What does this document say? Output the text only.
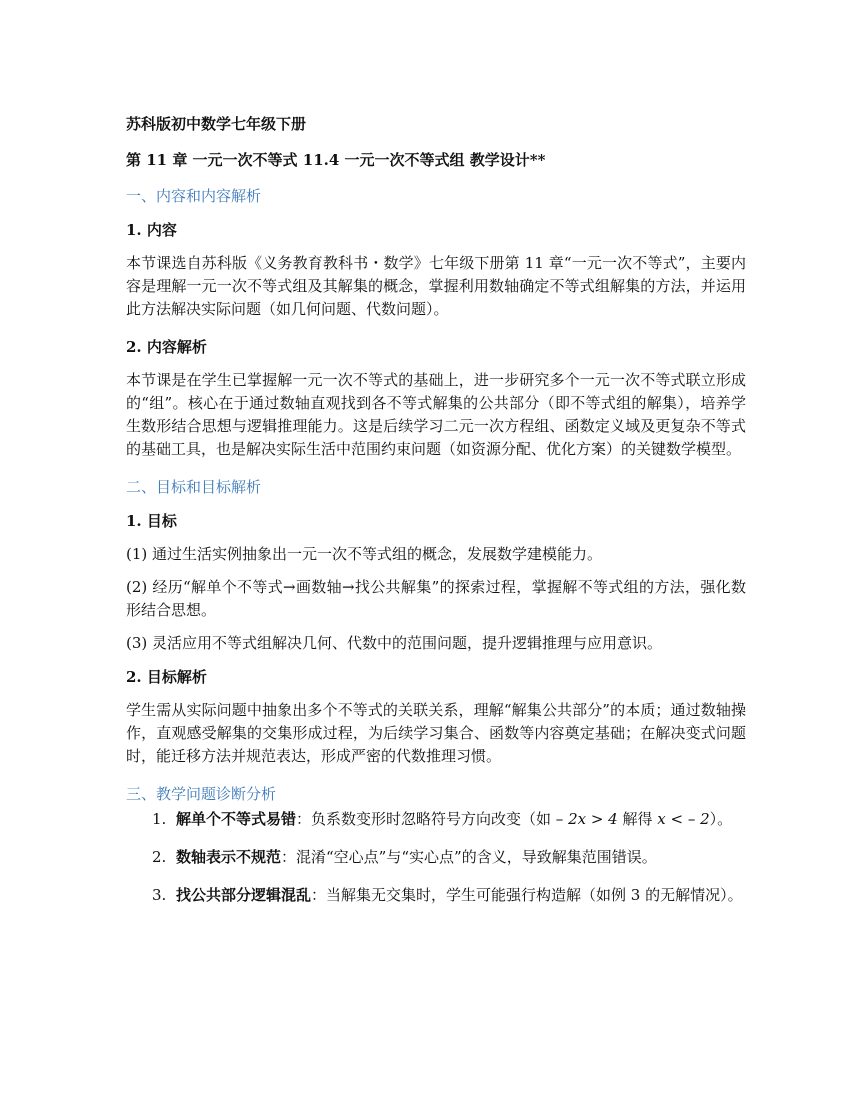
苏科版初中数学七年级下册

第 11 章 一元一次不等式 11.4 一元一次不等式组 教学设计**

一、内容和内容解析

1. 内容

本节课选自苏科版《义务教育教科书・数学》七年级下册第 11 章“一元一次不等式”，主要内容是理解一元一次不等式组及其解集的概念，掌握利用数轴确定不等式组解集的方法，并运用此方法解决实际问题（如几何问题、代数问题）。

2. 内容解析

本节课是在学生已掌握解一元一次不等式的基础上，进一步研究多个一元一次不等式联立形成的“组”。核心在于通过数轴直观找到各不等式解集的公共部分（即不等式组的解集），培养学生数形结合思想与逻辑推理能力。这是后续学习二元一次方程组、函数定义域及更复杂不等式的基础工具，也是解决实际生活中范围约束问题（如资源分配、优化方案）的关键数学模型。

二、目标和目标解析

1. 目标

(1) 通过生活实例抽象出一元一次不等式组的概念，发展数学建模能力。

(2) 经历“解单个不等式→画数轴→找公共解集”的探索过程，掌握解不等式组的方法，强化数形结合思想。

(3) 灵活应用不等式组解决几何、代数中的范围问题，提升逻辑推理与应用意识。

2. 目标解析

学生需从实际问题中抽象出多个不等式的关联关系，理解“解集公共部分”的本质；通过数轴操作，直观感受解集的交集形成过程，为后续学习集合、函数等内容奠定基础；在解决变式问题时，能迁移方法并规范表达，形成严密的代数推理习惯。

三、教学问题诊断分析
1. 解单个不等式易错：负系数变形时忽略符号方向改变（如 – 2x > 4 解得 x < – 2）。
2. 数轴表示不规范：混淆“空心点”与“实心点”的含义，导致解集范围错误。
3. 找公共部分逻辑混乱：当解集无交集时，学生可能强行构造解（如例 3 的无解情况）。
